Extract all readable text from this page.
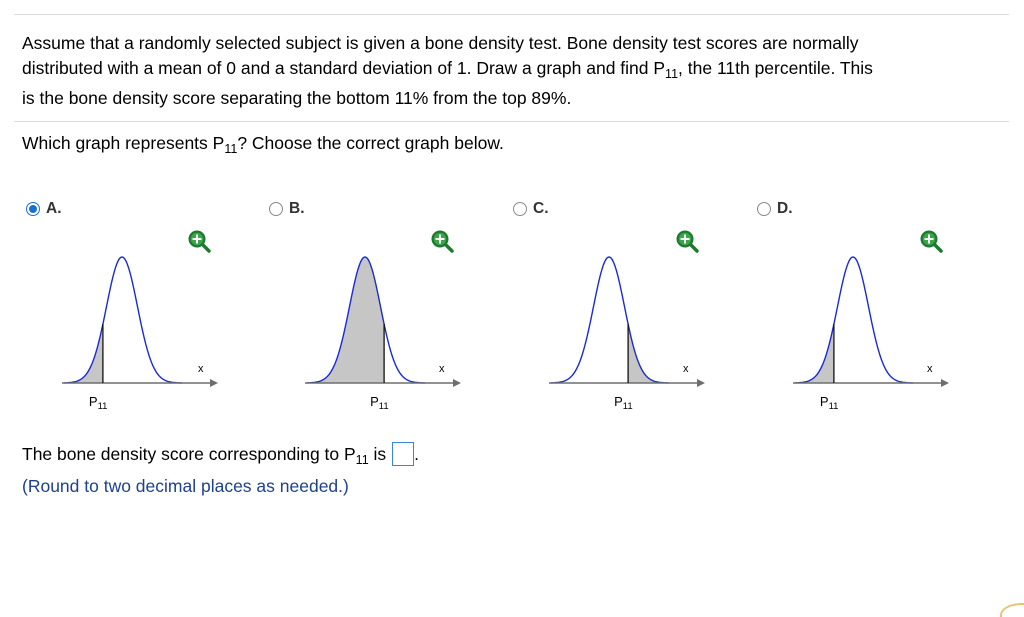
Assume that a randomly selected subject is given a bone density test. Bone density test scores are normally
distributed with a mean of 0 and a standard deviation of 1. Draw a graph and find $P_{11}$, the 11th percentile. This
is the bone density score separating the bottom 11% from the top 89%.
Which graph represents $P_{11}$? Choose the correct graph below.
A.	B.	C.	D.
x
$P_{11}$
x
$P_{11}$
x
$P_{11}$
x
$P_{11}$
The bone density score corresponding to $P_{11}$ is .
(Round to two decimal places as needed.)
